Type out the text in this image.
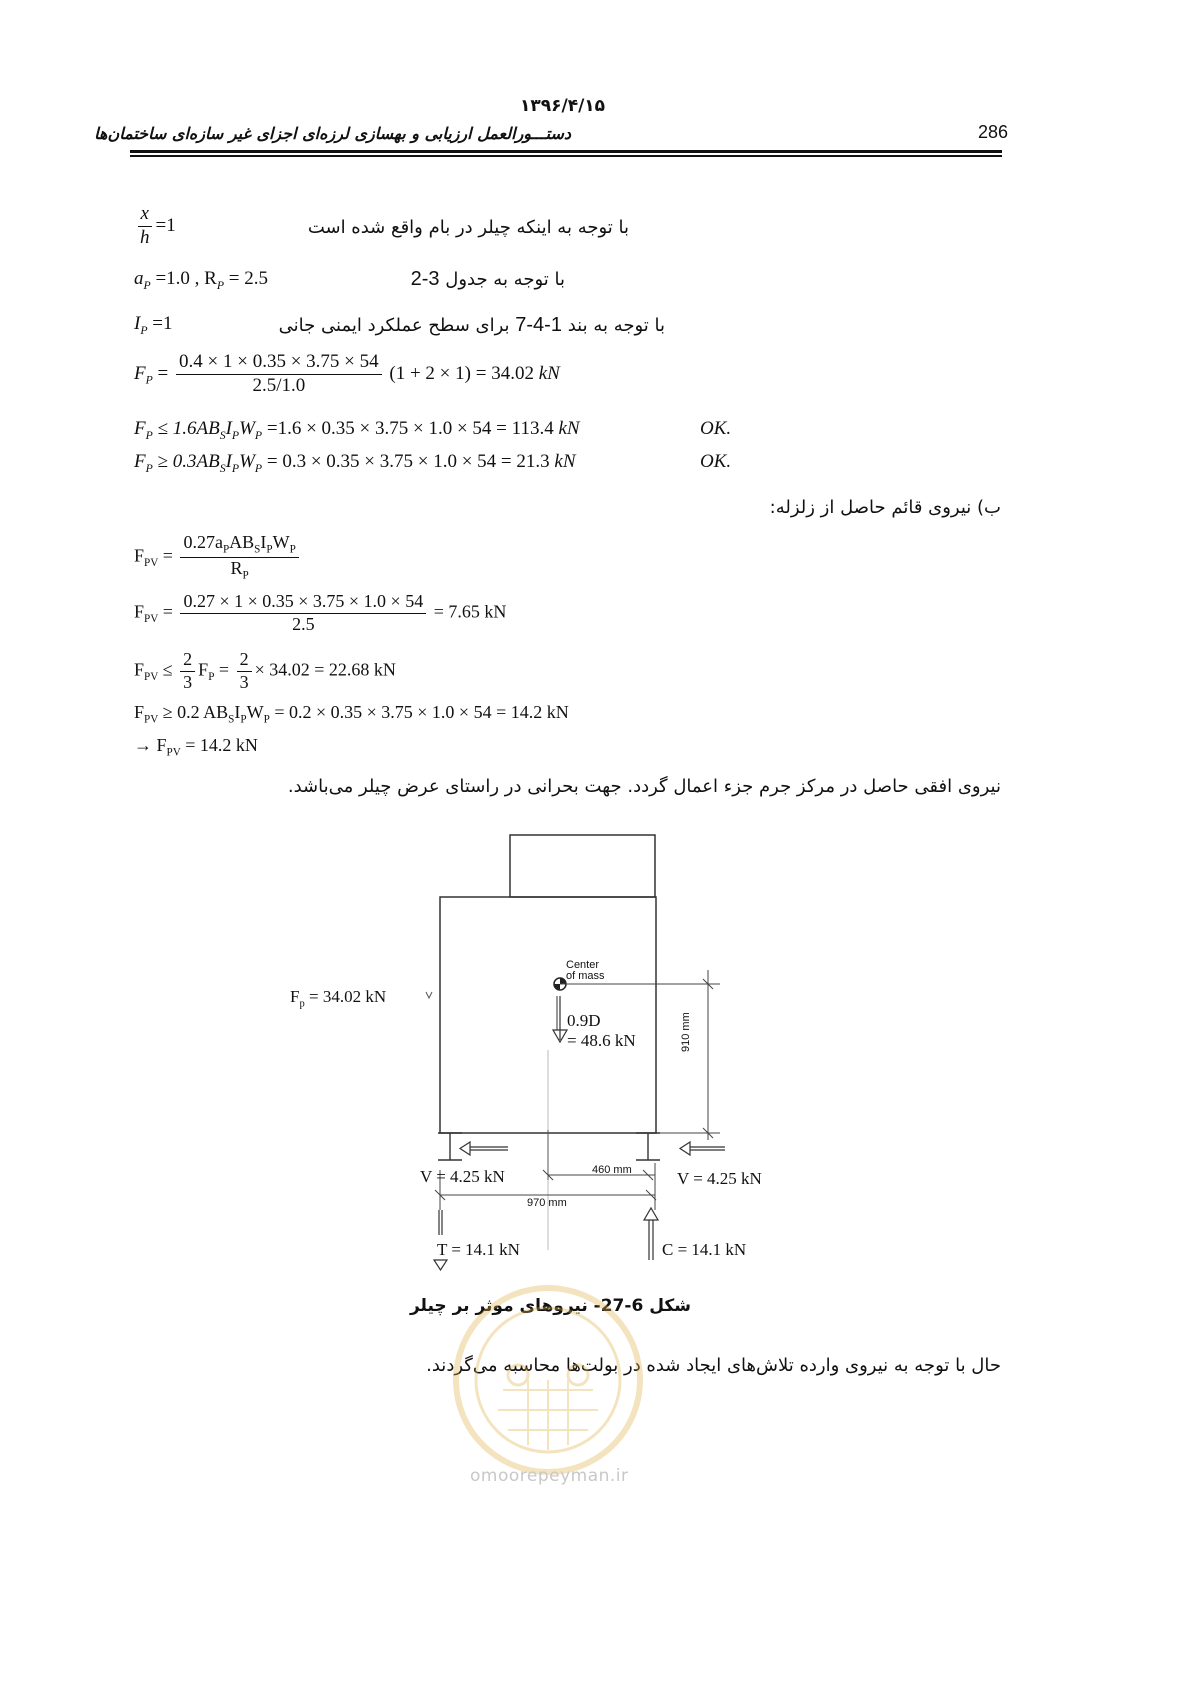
۱۳۹۶/۴/۱۵
دستـــورالعمل ارزیابی و بهسازی لرزه‌ای اجزای غیر سازه‌ای ساختمان‌ها	286
$\frac{x}{h} =1$	با توجه به اینکه چیلر در بام واقع شده است
$a_P =1.0$ , $R_P = 2.5$	با توجه به جدول 2-3
$I_P =1$	با توجه به بند 7-4-1 برای سطح عملکرد ایمنی جانی
$F_P = \frac{0.4 \times 1 \times 0.35 \times 3.75 \times 54}{2.5/1.0} (1 + 2 \times 1) = 34.02$ kN
$F_P \le 1.6AB_SI_PW_P =1.6 \times 0.35 \times 3.75 \times 1.0 \times 54 = 113.4$ kN	OK.
$F_P \ge 0.3AB_SI_PW_P = 0.3 \times 0.35 \times 3.75 \times 1.0 \times 54 = 21.3$ kN	OK.
ب) نیروی قائم حاصل از زلزله:
$F_{PV} = \frac{0.27a_PAB_SI_PW_P}{R_P}$
$F_{PV} = \frac{0.27 \times 1 \times 0.35 \times 3.75 \times 1.0 \times 54}{2.5} = 7.65$ kN
$F_{PV} \le \frac{2}{3} F_P = \frac{2}{3} \times 34.02 = 22.68$ kN
$F_{PV} \ge 0.2$ $AB_SI_PW_P = 0.2 \times 0.35 \times 3.75 \times 1.0 \times 54 = 14.2$ kN
→ $F_{PV} = 14.2$ kN
نیروی افقی حاصل در مرکز جرم جزء اعمال گردد. جهت بحرانی در راستای عرض چیلر می‌باشد.
$F_p = 34.02$ kN
Center
of mass
0.9D
= 48.6 kN	910 mm
460 mm
970 mm
V = 4.25 kN	V = 4.25 kN
T = 14.1 kN	C = 14.1 kN
شکل 6-27- نیروهای موثر بر چیلر
حال با توجه به نیروی وارده تلاش‌های ایجاد شده در بولت‌ها محاسبه می‌گردند.
omoorepeyman.ir
